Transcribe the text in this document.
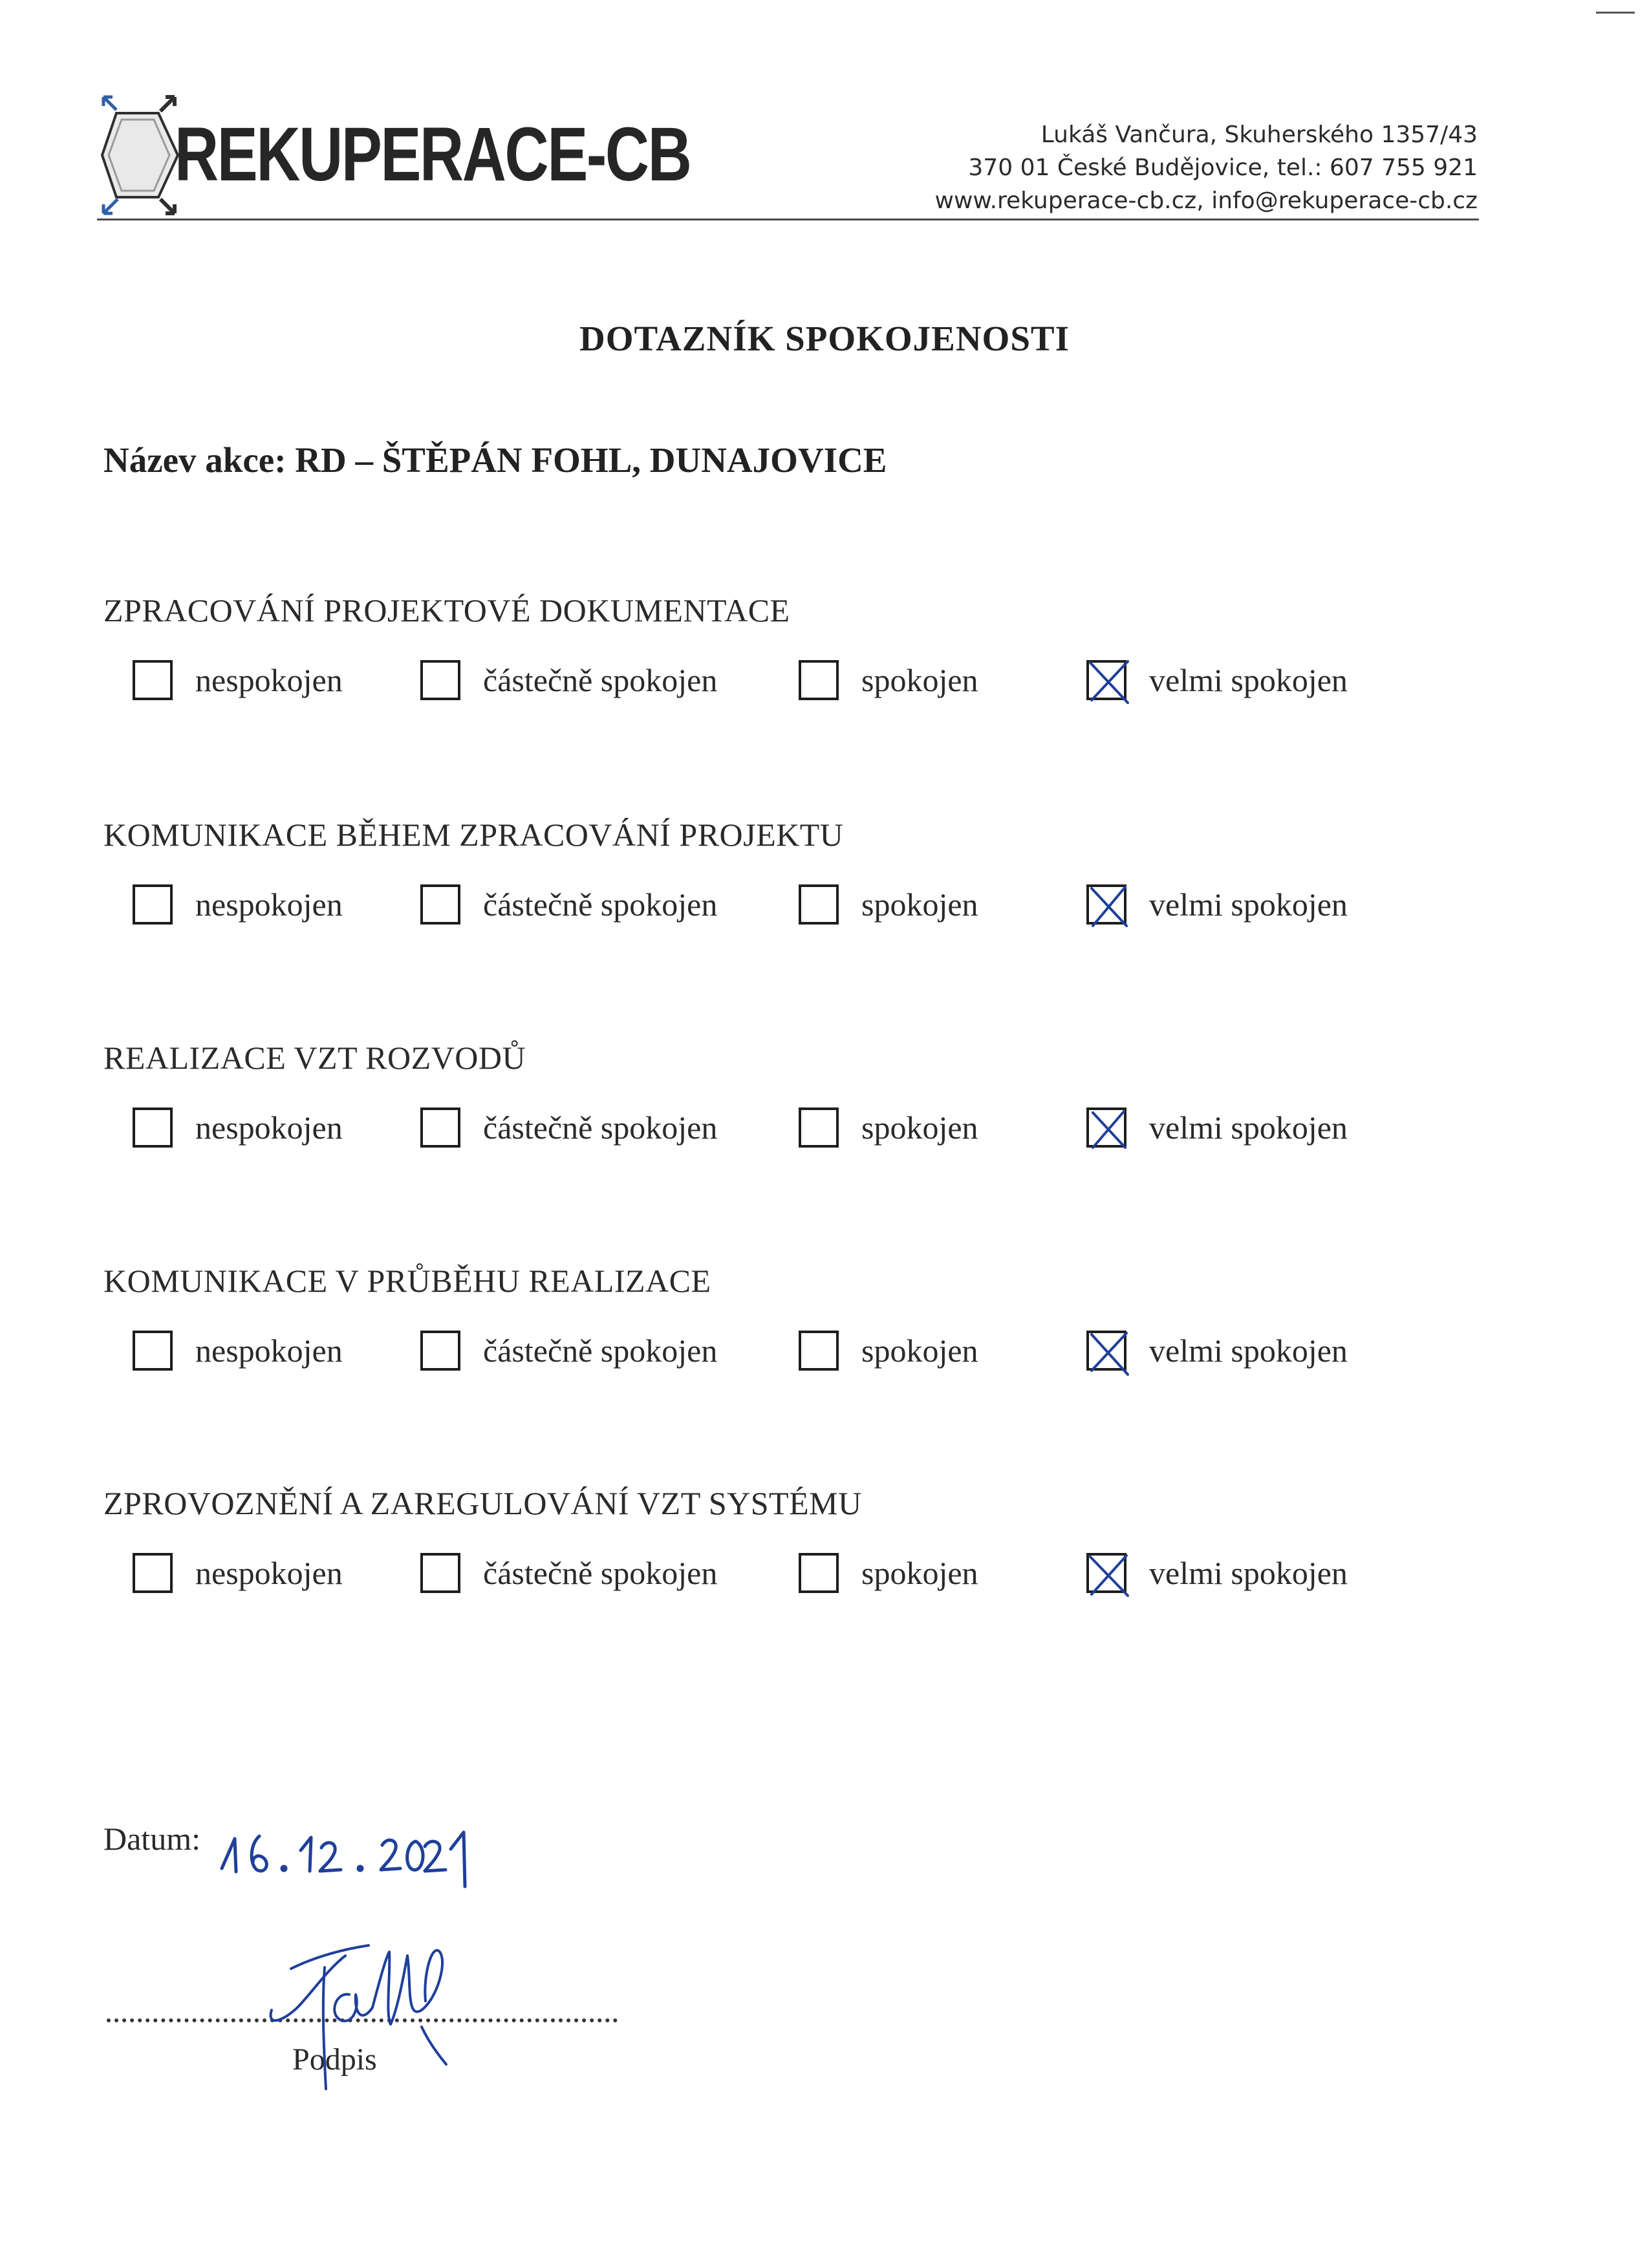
REKUPERACE-CB	Lukáš Vančura, Skuherského 1357/43
370 01 České Budějovice, tel.: 607 755 921
www.rekuperace-cb.cz, info@rekuperace-cb.cz
DOTAZNÍK SPOKOJENOSTI
Název akce: RD – ŠTĚPÁN FOHL, DUNAJOVICE
ZPRACOVÁNÍ PROJEKTOVÉ DOKUMENTACE
nespokojen	částečně spokojen	spokojen	velmi spokojen
KOMUNIKACE BĚHEM ZPRACOVÁNÍ PROJEKTU
nespokojen	částečně spokojen	spokojen	velmi spokojen
REALIZACE VZT ROZVODŮ
nespokojen	částečně spokojen	spokojen	velmi spokojen
KOMUNIKACE V PRŮBĚHU REALIZACE
nespokojen	částečně spokojen	spokojen	velmi spokojen
ZPROVOZNĚNÍ A ZAREGULOVÁNÍ VZT SYSTÉMU
nespokojen	částečně spokojen	spokojen	velmi spokojen
Datum:
Podpis
